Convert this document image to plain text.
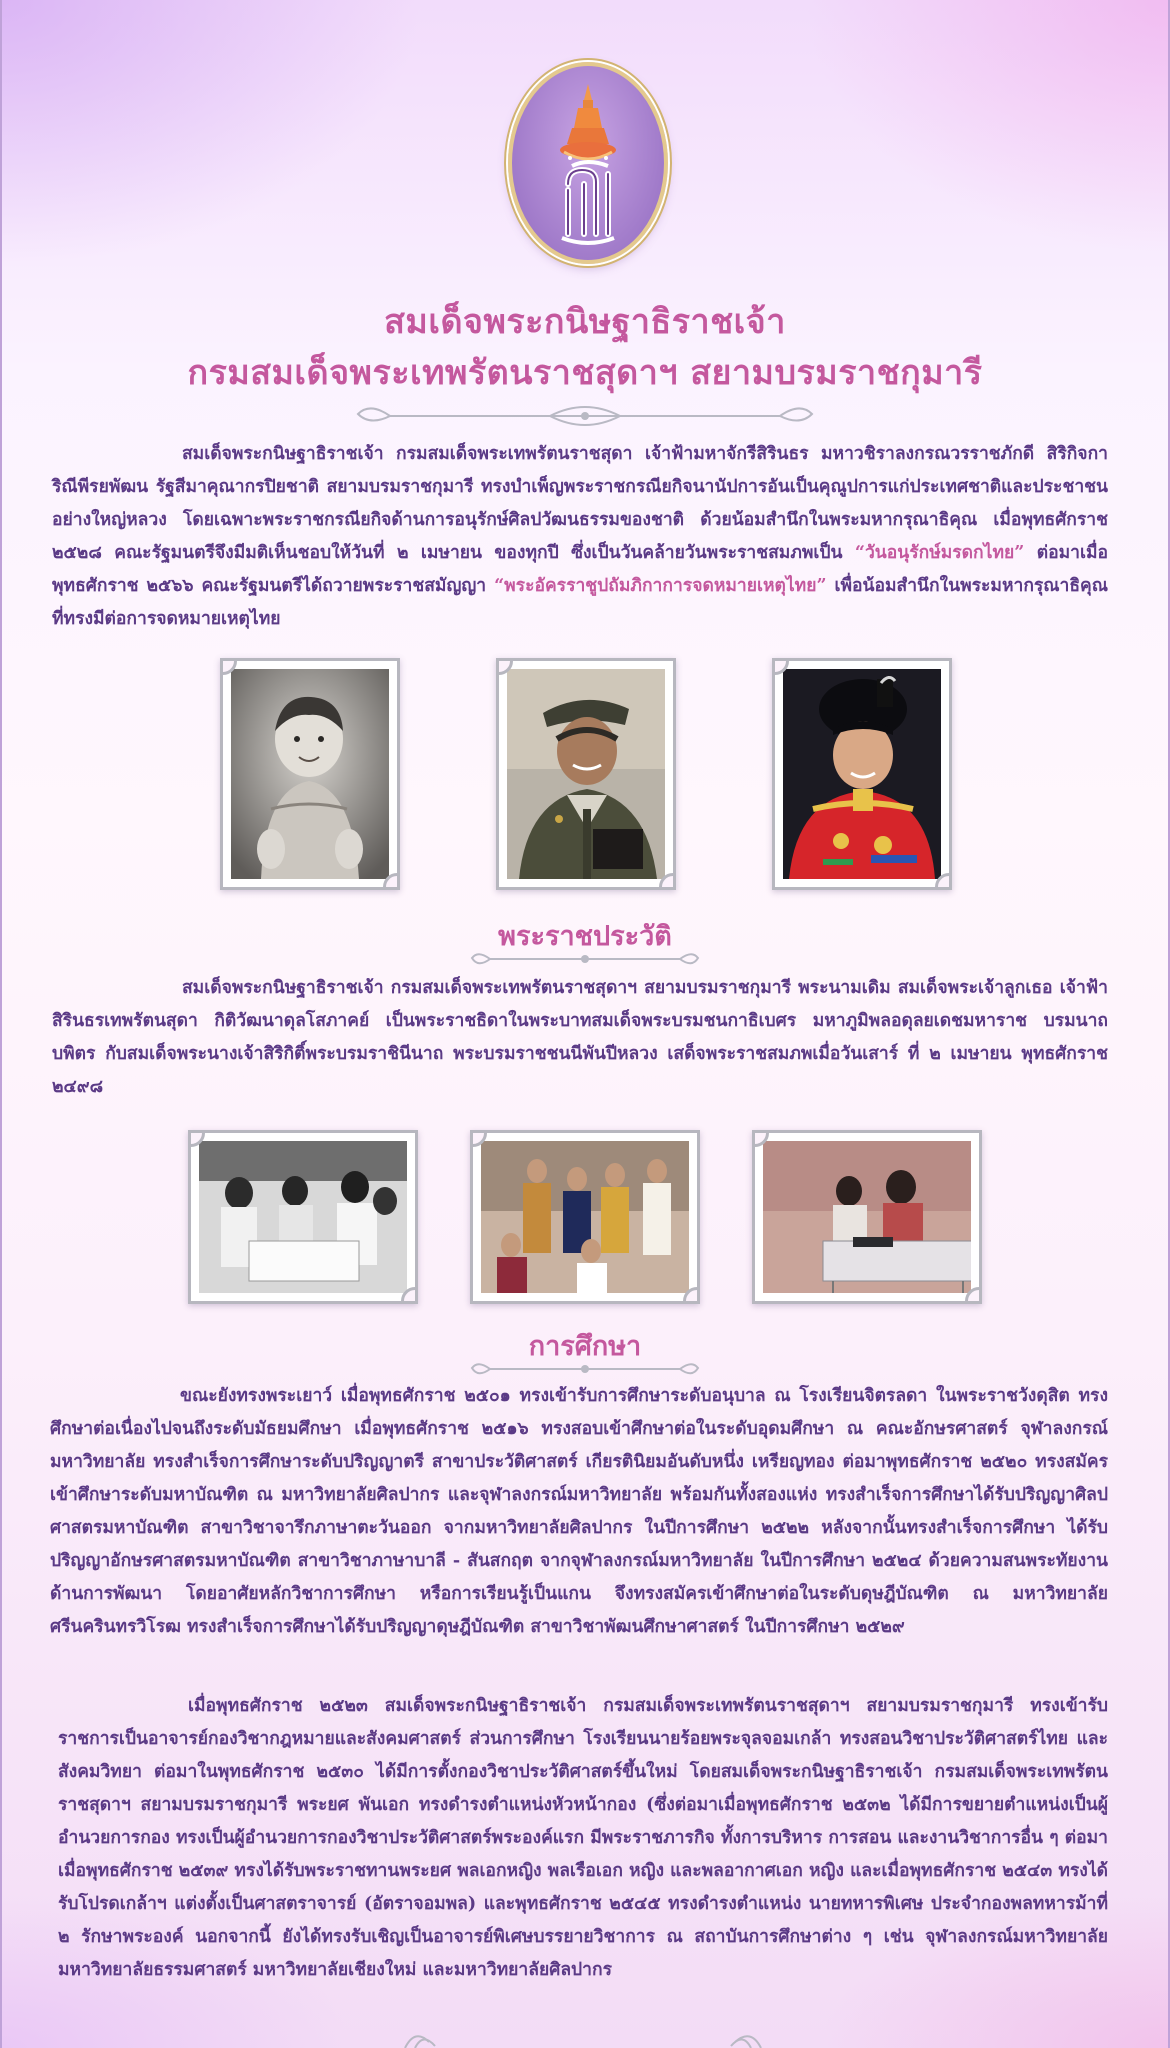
สมเด็จพระกนิษฐาธิราชเจ้า
กรมสมเด็จพระเทพรัตนราชสุดาฯ สยามบรมราชกุมารี
สมเด็จพระกนิษฐาธิราชเจ้า กรมสมเด็จพระเทพรัตนราชสุดา เจ้าฟ้ามหาจักรีสิรินธร มหาวชิราลงกรณวรราชภักดี สิริกิจการิณีพีรยพัฒน รัฐสีมาคุณากรปิยชาติ สยามบรมราชกุมารี ทรงบำเพ็ญพระราชกรณียกิจนานัปการอันเป็นคุณูปการแก่ประเทศชาติและประชาชนอย่างใหญ่หลวง โดยเฉพาะพระราชกรณียกิจด้านการอนุรักษ์ศิลปวัฒนธรรมของชาติ ด้วยน้อมสำนึกในพระมหากรุณาธิคุณ เมื่อพุทธศักราช ๒๕๒๘ คณะรัฐมนตรีจึงมีมติเห็นชอบให้วันที่ ๒ เมษายน ของทุกปี ซึ่งเป็นวันคล้ายวันพระราชสมภพเป็น “วันอนุรักษ์มรดกไทย” ต่อมาเมื่อพุทธศักราช ๒๕๖๖ คณะรัฐมนตรีได้ถวายพระราชสมัญญา “พระอัครราชูปถัมภิกาการจดหมายเหตุไทย” เพื่อน้อมสำนึกในพระมหากรุณาธิคุณที่ทรงมีต่อการจดหมายเหตุไทย
พระราชประวัติ
สมเด็จพระกนิษฐาธิราชเจ้า กรมสมเด็จพระเทพรัตนราชสุดาฯ สยามบรมราชกุมารี พระนามเดิม สมเด็จพระเจ้าลูกเธอ เจ้าฟ้าสิรินธรเทพรัตนสุดา กิติวัฒนาดุลโสภาคย์ เป็นพระราชธิดาในพระบาทสมเด็จพระบรมชนกาธิเบศร มหาภูมิพลอดุลยเดชมหาราช บรมนาถบพิตร กับสมเด็จพระนางเจ้าสิริกิติ์พระบรมราชินีนาถ พระบรมราชชนนีพันปีหลวง เสด็จพระราชสมภพเมื่อวันเสาร์ ที่ ๒ เมษายน พุทธศักราช ๒๔๙๘
การศึกษา
ขณะยังทรงพระเยาว์ เมื่อพุทธศักราช ๒๕๐๑ ทรงเข้ารับการศึกษาระดับอนุบาล ณ โรงเรียนจิตรลดา ในพระราชวังดุสิต ทรงศึกษาต่อเนื่องไปจนถึงระดับมัธยมศึกษา เมื่อพุทธศักราช ๒๕๑๖ ทรงสอบเข้าศึกษาต่อในระดับอุดมศึกษา ณ คณะอักษรศาสตร์ จุฬาลงกรณ์มหาวิทยาลัย ทรงสำเร็จการศึกษาระดับปริญญาตรี สาขาประวัติศาสตร์ เกียรตินิยมอันดับหนึ่ง เหรียญทอง ต่อมาพุทธศักราช ๒๕๒๐ ทรงสมัครเข้าศึกษาระดับมหาบัณฑิต ณ มหาวิทยาลัยศิลปากร และจุฬาลงกรณ์มหาวิทยาลัย พร้อมกันทั้งสองแห่ง ทรงสำเร็จการศึกษาได้รับปริญญาศิลปศาสตรมหาบัณฑิต สาขาวิชาจารึกภาษาตะวันออก จากมหาวิทยาลัยศิลปากร ในปีการศึกษา ๒๕๒๒ หลังจากนั้นทรงสำเร็จการศึกษา ได้รับปริญญาอักษรศาสตรมหาบัณฑิต สาขาวิชาภาษาบาลี - สันสกฤต จากจุฬาลงกรณ์มหาวิทยาลัย ในปีการศึกษา ๒๕๒๔ ด้วยความสนพระทัยงานด้านการพัฒนา โดยอาศัยหลักวิชาการศึกษา หรือการเรียนรู้เป็นแกน จึงทรงสมัครเข้าศึกษาต่อในระดับดุษฎีบัณฑิต ณ มหาวิทยาลัยศรีนครินทรวิโรฒ ทรงสำเร็จการศึกษาได้รับปริญญาดุษฎีบัณฑิต สาขาวิชาพัฒนศึกษาศาสตร์ ในปีการศึกษา ๒๕๒๙
เมื่อพุทธศักราช ๒๕๒๓ สมเด็จพระกนิษฐาธิราชเจ้า กรมสมเด็จพระเทพรัตนราชสุดาฯ สยามบรมราชกุมารี ทรงเข้ารับราชการเป็นอาจารย์กองวิชากฎหมายและสังคมศาสตร์ ส่วนการศึกษา โรงเรียนนายร้อยพระจุลจอมเกล้า ทรงสอนวิชาประวัติศาสตร์ไทย และสังคมวิทยา ต่อมาในพุทธศักราช ๒๕๓๐ ได้มีการตั้งกองวิชาประวัติศาสตร์ขึ้นใหม่ โดยสมเด็จพระกนิษฐาธิราชเจ้า กรมสมเด็จพระเทพรัตนราชสุดาฯ สยามบรมราชกุมารี พระยศ พันเอก ทรงดำรงตำแหน่งหัวหน้ากอง (ซึ่งต่อมาเมื่อพุทธศักราช ๒๕๓๒ ได้มีการขยายตำแหน่งเป็นผู้อำนวยการกอง ทรงเป็นผู้อำนวยการกองวิชาประวัติศาสตร์พระองค์แรก มีพระราชภารกิจ ทั้งการบริหาร การสอน และงานวิชาการอื่น ๆ ต่อมาเมื่อพุทธศักราช ๒๕๓๙ ทรงได้รับพระราชทานพระยศ พลเอกหญิง พลเรือเอก หญิง และพลอากาศเอก หญิง และเมื่อพุทธศักราช ๒๕๔๓ ทรงได้รับโปรดเกล้าฯ แต่งตั้งเป็นศาสตราจารย์ (อัตราจอมพล) และพุทธศักราช ๒๕๔๕ ทรงดำรงตำแหน่ง นายทหารพิเศษ ประจำกองพลทหารม้าที่ ๒ รักษาพระองค์ นอกจากนี้ ยังได้ทรงรับเชิญเป็นอาจารย์พิเศษบรรยายวิชาการ ณ สถาบันการศึกษาต่าง ๆ เช่น จุฬาลงกรณ์มหาวิทยาลัย มหาวิทยาลัยธรรมศาสตร์ มหาวิทยาลัยเชียงใหม่ และมหาวิทยาลัยศิลปากร
